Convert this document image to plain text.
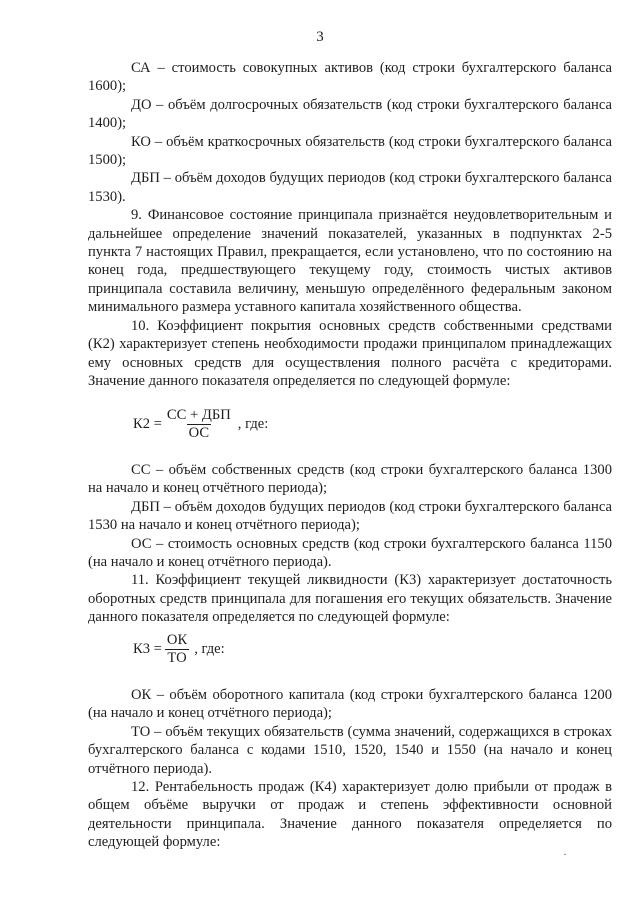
3

СА – стоимость совокупных активов (код строки бухгалтерского баланса 1600);

ДО – объём долгосрочных обязательств (код строки бухгалтерского баланса 1400);

КО – объём краткосрочных обязательств (код строки бухгалтерского баланса 1500);

ДБП – объём доходов будущих периодов (код строки бухгалтерского баланса 1530).

9. Финансовое состояние принципала признаётся неудовлетворительным и дальнейшее определение значений показателей, указанных в подпунктах 2-5 пункта 7 настоящих Правил, прекращается, если установлено, что по состоянию на конец года, предшествующего текущему году, стоимость чистых активов принципала составила величину, меньшую определённого федеральным законом минимального размера уставного капитала хозяйственного общества.

10. Коэффициент покрытия основных средств собственными средствами (К2) характеризует степень необходимости продажи принципалом принадлежащих ему основных средств для осуществления полного расчёта с кредиторами. Значение данного показателя определяется по следующей формуле:

$К2 = \frac{\text{СС + ДБП}}{ОС}$ , где:

СС – объём собственных средств (код строки бухгалтерского баланса 1300 на начало и конец отчётного периода);

ДБП – объём доходов будущих периодов (код строки бухгалтерского баланса 1530 на начало и конец отчётного периода);

ОС – стоимость основных средств (код строки бухгалтерского баланса 1150 (на начало и конец отчётного периода).

11. Коэффициент текущей ликвидности (К3) характеризует достаточность оборотных средств принципала для погашения его текущих обязательств. Значение данного показателя определяется по следующей формуле:

$К3 = \frac{ОК}{ТО}$ , где:

ОК – объём оборотного капитала (код строки бухгалтерского баланса 1200 (на начало и конец отчётного периода);

ТО – объём текущих обязательств (сумма значений, содержащихся в строках бухгалтерского баланса с кодами 1510, 1520, 1540 и 1550 (на начало и конец отчётного периода).

12. Рентабельность продаж (К4) характеризует долю прибыли от продаж в общем объёме выручки от продаж и степень эффективности основной деятельности принципала. Значение данного показателя определяется по следующей формуле:

·
